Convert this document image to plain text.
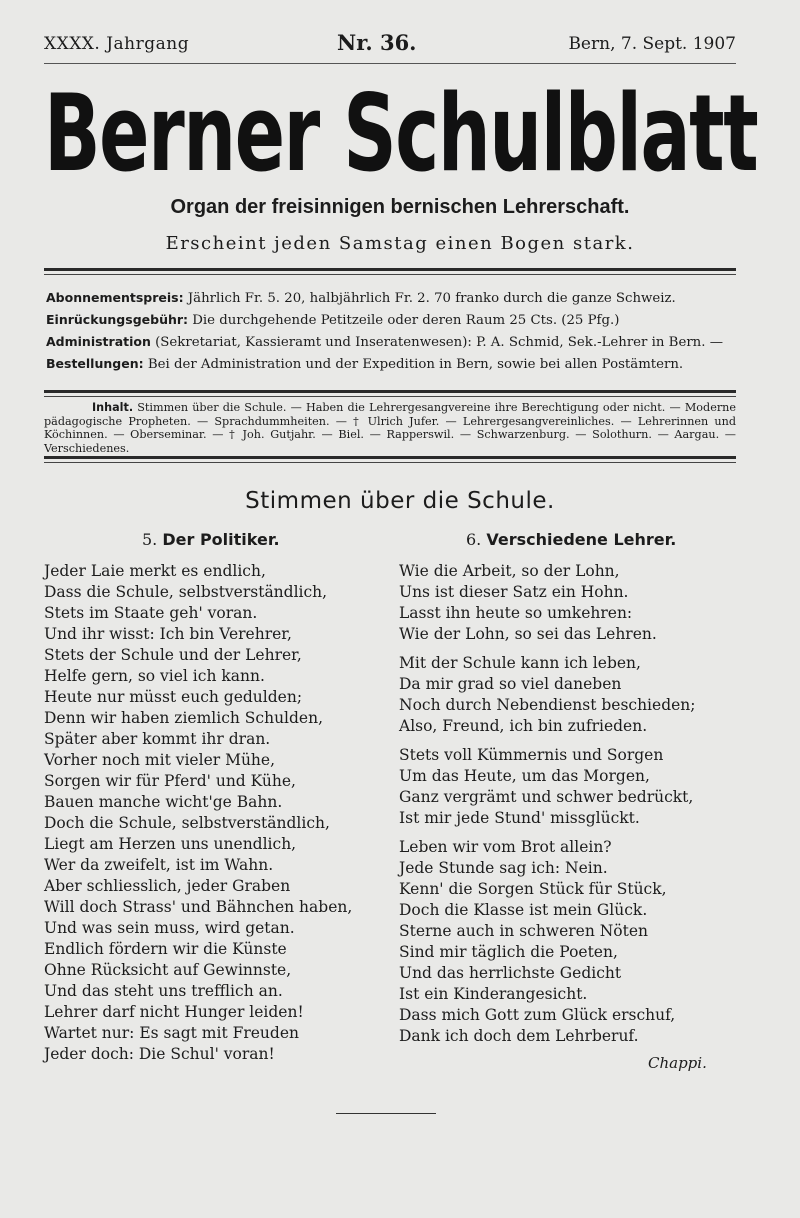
XXXX. Jahrgang	Nr. 36.	Bern, 7. Sept. 1907
Berner Schulblatt
Organ der freisinnigen bernischen Lehrerschaft.
Erscheint jeden Samstag einen Bogen stark.
Abonnementspreis: Jährlich Fr. 5. 20, halbjährlich Fr. 2. 70 franko durch die ganze Schweiz.
Einrückungsgebühr: Die durchgehende Petitzeile oder deren Raum 25 Cts. (25 Pfg.)
Administration (Sekretariat, Kassieramt und Inseratenwesen): P. A. Schmid, Sek.-Lehrer in Bern. — Bestellungen: Bei der Administration und der Expedition in Bern, sowie bei allen Postämtern.
Inhalt. Stimmen über die Schule. — Haben die Lehrergesangvereine ihre Berechtigung oder nicht. — Moderne pädagogische Propheten. — Sprachdummheiten. — † Ulrich Jufer. — Lehrergesangvereinliches. — Lehrerinnen und Köchinnen. — Oberseminar. — † Joh. Gutjahr. — Biel. — Rapperswil. — Schwarzenburg. — Solothurn. — Aargau. — Verschiedenes.
Stimmen über die Schule.
5. Der Politiker.	6. Verschiedene Lehrer.
Jeder Laie merkt es endlich,
Dass die Schule, selbstverständlich,
Stets im Staate geh' voran.
Und ihr wisst: Ich bin Verehrer,
Stets der Schule und der Lehrer,
Helfe gern, so viel ich kann.
Heute nur müsst euch gedulden;
Denn wir haben ziemlich Schulden,
Später aber kommt ihr dran.
Vorher noch mit vieler Mühe,
Sorgen wir für Pferd' und Kühe,
Bauen manche wicht'ge Bahn.
Doch die Schule, selbstverständlich,
Liegt am Herzen uns unendlich,
Wer da zweifelt, ist im Wahn.
Aber schliesslich, jeder Graben
Will doch Strass' und Bähnchen haben,
Und was sein muss, wird getan.
Endlich fördern wir die Künste
Ohne Rücksicht auf Gewinnste,
Und das steht uns trefflich an.
Lehrer darf nicht Hunger leiden!
Wartet nur: Es sagt mit Freuden
Jeder doch: Die Schul' voran!
Wie die Arbeit, so der Lohn,
Uns ist dieser Satz ein Hohn.
Lasst ihn heute so umkehren:
Wie der Lohn, so sei das Lehren.
Mit der Schule kann ich leben,
Da mir grad so viel daneben
Noch durch Nebendienst beschieden;
Also, Freund, ich bin zufrieden.
Stets voll Kümmernis und Sorgen
Um das Heute, um das Morgen,
Ganz vergrämt und schwer bedrückt,
Ist mir jede Stund' missglückt.
Leben wir vom Brot allein?
Jede Stunde sag ich: Nein.
Kenn' die Sorgen Stück für Stück,
Doch die Klasse ist mein Glück.
Sterne auch in schweren Nöten
Sind mir täglich die Poeten,
Und das herrlichste Gedicht
Ist ein Kinderangesicht.
Dass mich Gott zum Glück erschuf,
Dank ich doch dem Lehrberuf.
Chappi.
